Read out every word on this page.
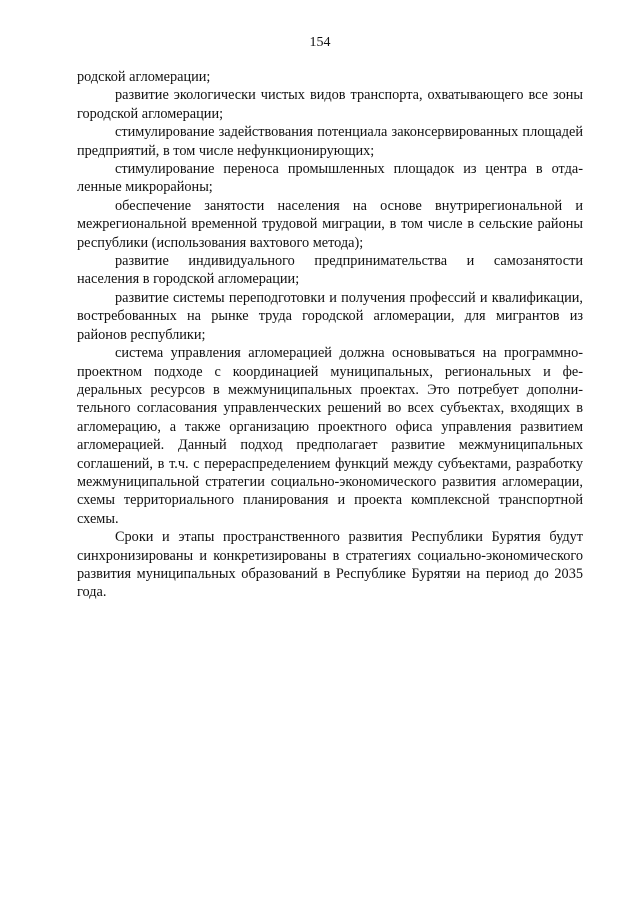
154

родской агломерации;

развитие экологически чистых видов транспорта, охватывающего все зоны городской агломерации;

стимулирование задействования потенциала законсервированных площадей предприятий, в том числе нефункционирующих;

стимулирование переноса промышленных площадок из центра в отдаленные микрорайоны;

обеспечение занятости населения на основе внутрирегиональной и межрегиональной временной трудовой миграции, в том числе в сельские районы республики (использования вахтового метода);

развитие индивидуального предпринимательства и самозанятости населения в городской агломерации;

развитие системы переподготовки и получения профессий и квалификации, востребованных на рынке труда городской агломерации, для мигрантов из районов республики;

система управления агломерацией должна основываться на программно-проектном подходе с координацией муниципальных, региональных и федеральных ресурсов в межмуниципальных проектах. Это потребует дополнительного согласования управленческих решений во всех субъектах, входящих в агломерацию, а также организацию проектного офиса управления развитием агломерацией. Данный подход предполагает развитие межмуниципальных соглашений, в т.ч. с перераспределением функций между субъектами, разработку межмуниципальной стратегии социально-экономического развития агломерации, схемы территориального планирования и проекта комплексной транспортной схемы.

Сроки и этапы пространственного развития Республики Бурятия будут синхронизированы и конкретизированы в стратегиях социально-экономического развития муниципальных образований в Республике Бурятяи на период до 2035 года.
